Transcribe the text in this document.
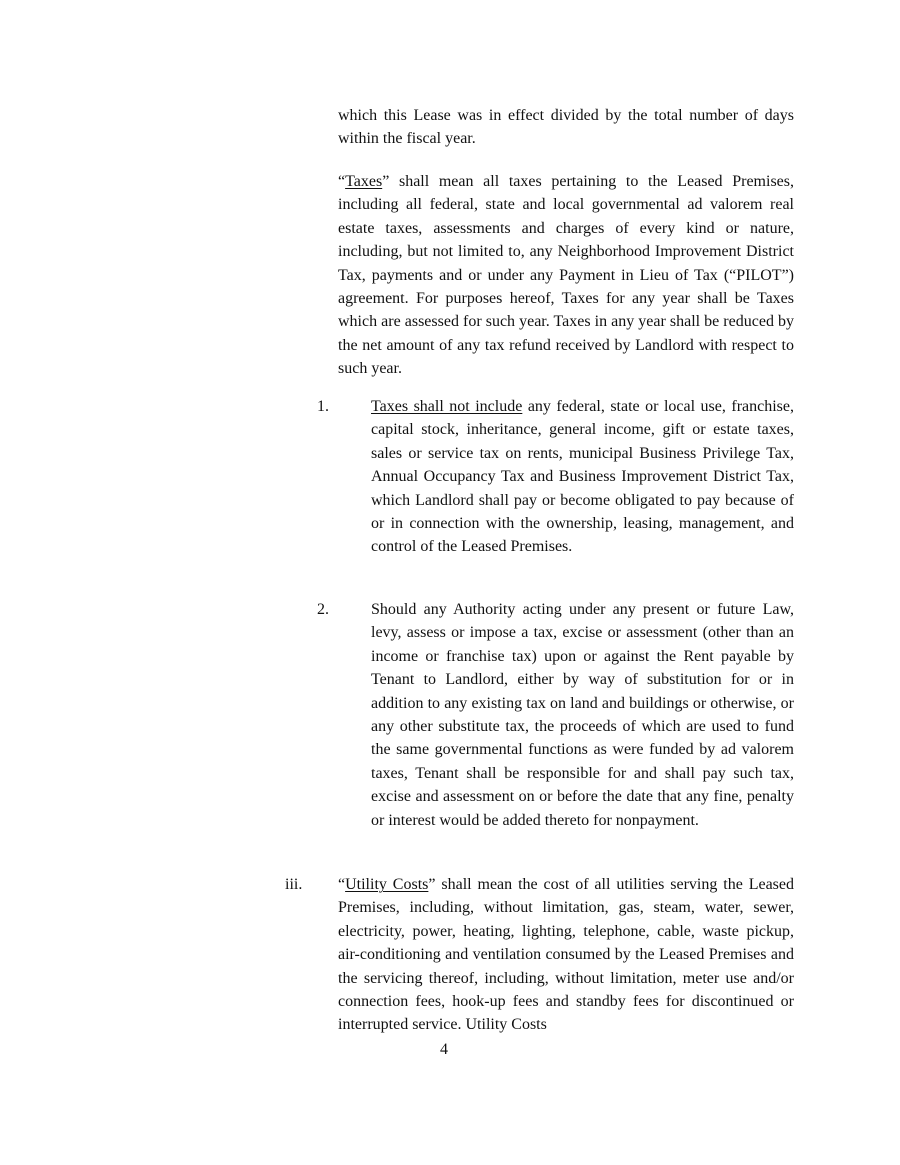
which this Lease was in effect divided by the total number of days within the fiscal year.

“Taxes” shall mean all taxes pertaining to the Leased Premises, including all federal, state and local governmental ad valorem real estate taxes, assessments and charges of every kind or nature, including, but not limited to, any Neighborhood Improvement District Tax, payments and or under any Payment in Lieu of Tax (“PILOT”) agreement. For purposes hereof, Taxes for any year shall be Taxes which are assessed for such year. Taxes in any year shall be reduced by the net amount of any tax refund received by Landlord with respect to such year.

1.	Taxes shall not include any federal, state or local use, franchise, capital stock, inheritance, general income, gift or estate taxes, sales or service tax on rents, municipal Business Privilege Tax, Annual Occupancy Tax and Business Improvement District Tax, which Landlord shall pay or become obligated to pay because of or in connection with the ownership, leasing, management, and control of the Leased Premises.

2.	Should any Authority acting under any present or future Law, levy, assess or impose a tax, excise or assessment (other than an income or franchise tax) upon or against the Rent payable by Tenant to Landlord, either by way of substitution for or in addition to any existing tax on land and buildings or otherwise, or any other substitute tax, the proceeds of which are used to fund the same governmental functions as were funded by ad valorem taxes, Tenant shall be responsible for and shall pay such tax, excise and assessment on or before the date that any fine, penalty or interest would be added thereto for nonpayment.

iii. “Utility Costs” shall mean the cost of all utilities serving the Leased Premises, including, without limitation, gas, steam, water, sewer, electricity, power, heating, lighting, telephone, cable, waste pickup, air-conditioning and ventilation consumed by the Leased Premises and the servicing thereof, including, without limitation, meter use and/or connection fees, hook-up fees and standby fees for discontinued or interrupted service. Utility Costs

4
